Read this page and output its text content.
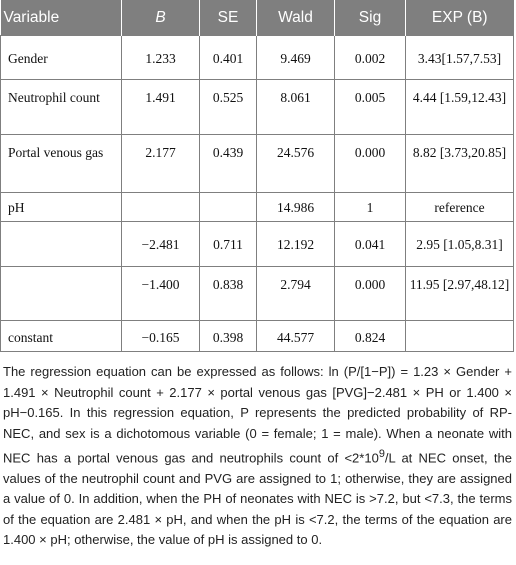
Variable	B	SE	Wald	Sig	EXP (B)
Gender	1.233	0.401	9.469	0.002	3.43[1.57,7.53]
Neutrophil count	1.491	0.525	8.061	0.005	4.44 [1.59,12.43]
Portal venous gas	2.177	0.439	24.576	0.000	8.82 [3.73,20.85]
pH			14.986	1	reference
	−2.481	0.711	12.192	0.041	2.95 [1.05,8.31]
	−1.400	0.838	2.794	0.000	11.95 [2.97,48.12]
constant	−0.165	0.398	44.577	0.824	

The regression equation can be expressed as follows: ln (P/[1−P]) = 1.23 × Gender + 1.491 × Neutrophil count + 2.177 × portal venous gas [PVG]−2.481 × PH or 1.400 × pH−0.165. In this regression equation, P represents the predicted probability of RP-NEC, and sex is a dichotomous variable (0 = female; 1 = male). When a neonate with NEC has a portal venous gas and neutrophils count of $<2*10^9/L$ at NEC onset, the values of the neutrophil count and PVG are assigned to 1; otherwise, they are assigned a value of 0. In addition, when the PH of neonates with NEC is >7.2, but <7.3, the terms of the equation are 2.481 × pH, and when the pH is <7.2, the terms of the equation are 1.400 × pH; otherwise, the value of pH is assigned to 0.
